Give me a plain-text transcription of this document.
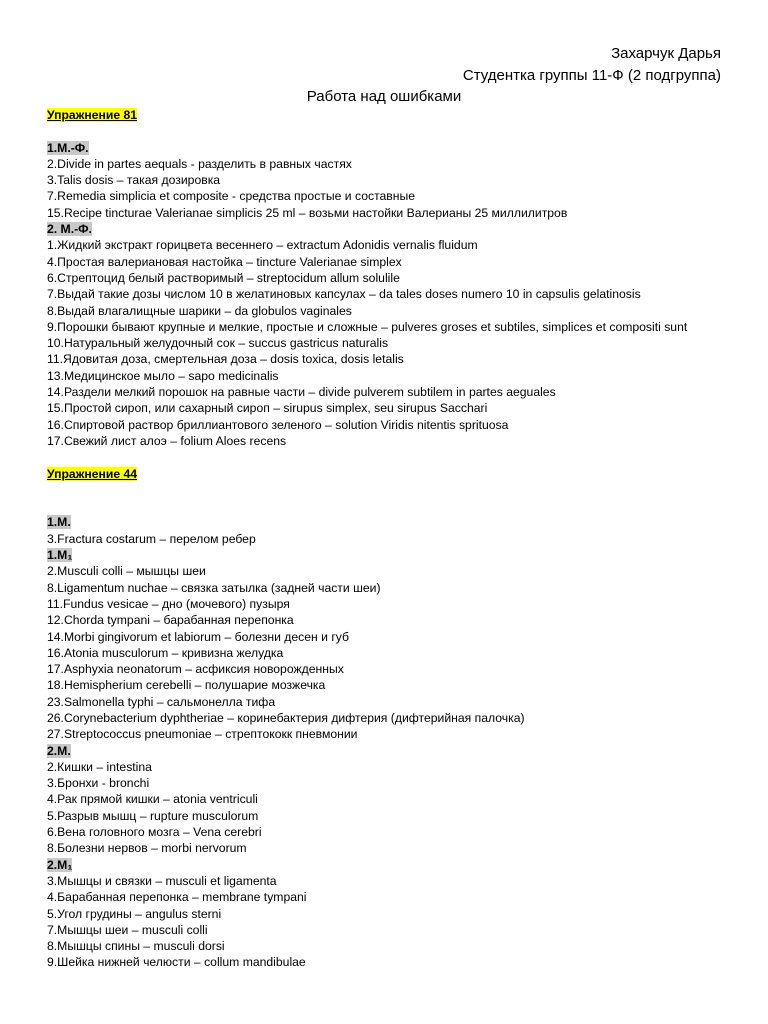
Захарчук Дарья
Студентка группы 11-Ф (2 подгруппа)
Работа над ошибками
Упражнение 81
1.М.-Ф.
2.Divide in partes aequals - разделить в равных частях
3.Talis dosis – такая дозировка
7.Remedia simplicia et composite - средства простые и составные
15.Recipe tincturae Valerianae simplicis 25 ml – возьми настойки Валерианы 25 миллилитров
2. М.-Ф.
1.Жидкий экстракт горицвета весеннего – extractum Adonidis vernalis fluidum
4.Простая валериановая настойка – tincture Valerianae simplex
6.Стрептоцид белый растворимый – streptocidum allum solulile
7.Выдай такие дозы числом 10 в желатиновых капсулах – da tales doses numero 10 in capsulis gelatinosis
8.Выдай влагалищные шарики – da globulos vaginales
9.Порошки бывают крупные и мелкие, простые и сложные – pulveres groses et subtiles, simplices et compositi sunt
10.Натуральный желудочный сок – succus gastricus naturalis
11.Ядовитая доза, смертельная доза – dosis toxica, dosis letalis
13.Медицинское мыло – sapo medicinalis
14.Раздели мелкий порошок на равные части – divide pulverem subtilem in partes aeguales
15.Простой сироп, или сахарный сироп – sirupus simplex, seu sirupus Sacchari
16.Спиртовой раствор бриллиантового зеленого – solution Viridis nitentis sprituosa
17.Свежий лист алоэ – folium Aloes recens
Упражнение 44
1.М.
3.Fractura costarum – перелом ребер
1.М₁
2.Musculi colli – мышцы шеи
8.Ligamentum nuchae – связка затылка (задней части шеи)
11.Fundus vesicae – дно (мочевого) пузыря
12.Chorda tympani – барабанная перепонка
14.Morbi gingivorum et labiorum – болезни десен и губ
16.Atonia musculorum – кривизна желудка
17.Asphyxia neonatorum – асфиксия новорожденных
18.Hemispherium cerebelli – полушарие мозжечка
23.Salmonella typhi – сальмонелла тифа
26.Corynebacterium dyphtheriae – коринебактерия дифтерия (дифтерийная палочка)
27.Streptococcus pneumoniae – стрептококк пневмонии
2.М.
2.Кишки – intestina
3.Бронхи - bronchi
4.Рак прямой кишки – atonia ventriculi
5.Разрыв мышц – rupture musculorum
6.Вена головного мозга – Vena cerebri
8.Болезни нервов – morbi nervorum
2.М₁
3.Мышцы и связки – musculi et ligamenta
4.Барабанная перепонка – membrane tympani
5.Угол грудины – angulus sterni
7.Мышцы шеи – musculi colli
8.Мышцы спины – musculi dorsi
9.Шейка нижней челюсти – collum mandibulae
